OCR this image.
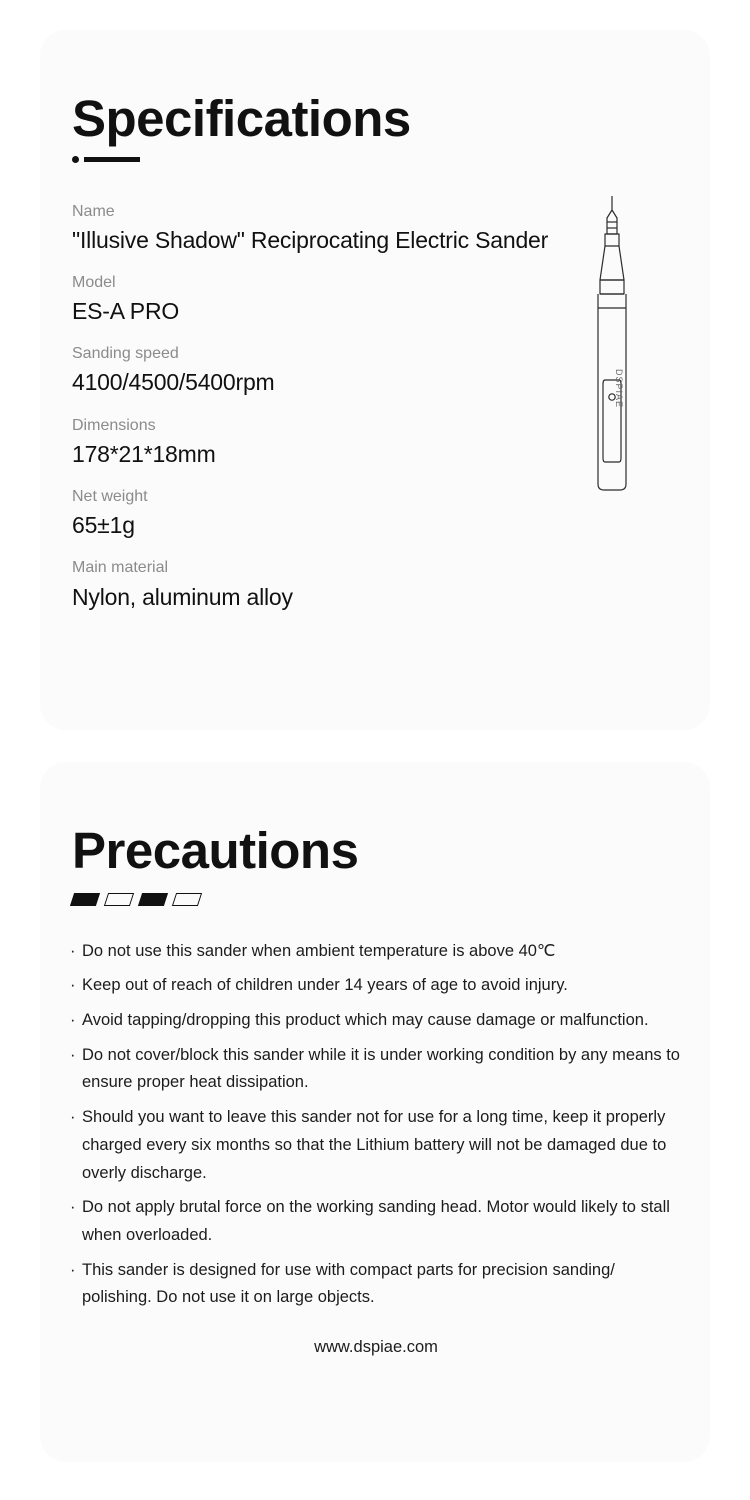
Specifications
Name
"Illusive Shadow" Reciprocating Electric Sander
Model
ES-A PRO
Sanding speed
4100/4500/5400rpm
Dimensions
178*21*18mm
Net weight
65±1g
Main material
Nylon, aluminum alloy
DSPIAE
Precautions
· Do not use this sander when ambient temperature is above 40℃
· Keep out of reach of children under 14 years of age to avoid injury.
· Avoid tapping/dropping this product which may cause damage or malfunction.
· Do not cover/block this sander while it is under working condition by any means to ensure proper heat dissipation.
· Should you want to leave this sander not for use for a long time, keep it properly charged every six months so that the Lithium battery will not be damaged due to overly discharge.
· Do not apply brutal force on the working sanding head. Motor would likely to stall when overloaded.
· This sander is designed for use with compact parts for precision sanding/ polishing. Do not use it on large objects.
www.dspiae.com
